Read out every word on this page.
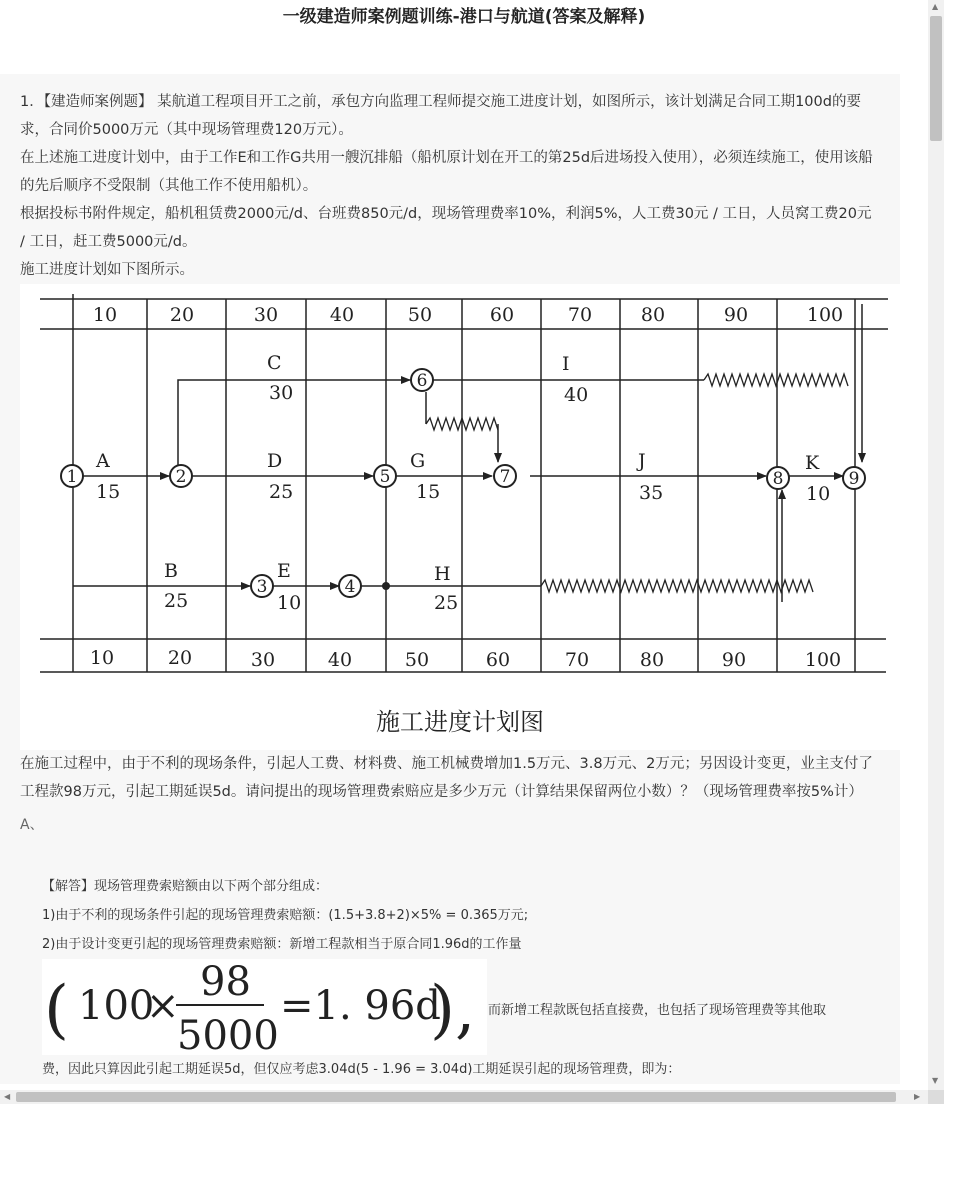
一级建造师案例题训练-港口与航道(答案及解释)

1．【建造师案例题】 某航道工程项目开工之前，承包方向监理工程师提交施工进度计划，如图所示，该计划满足合同工期100d的要求，合同价5000万元（其中现场管理费120万元）。

在上述施工进度计划中，由于工作E和工作G共用一艘沉排船（船机原计划在开工的第25d后进场投入使用），必须连续施工，使用该船的先后顺序不受限制（其他工作不使用船机）。

根据投标书附件规定，船机租赁费2000元/d、台班费850元/d，现场管理费率10%，利润5%，人工费30元 / 工日，人员窝工费20元 / 工日，赶工费5000元/d。

施工进度计划如下图所示。

10	20	30	40	50	60	70	80	90	100
10	20	30	40	50	60	70	80	90	100
1	2
3	4
5
6
7	8	9
A
15
B
25
C
30
D
25
E
10
G
15
H
25
I
40
J
35
K
10
施工进度计划图

在施工过程中，由于不利的现场条件，引起人工费、材料费、施工机械费增加1.5万元、3.8万元、2万元；另因设计变更，业主支付了工程款98万元，引起工期延误5d。请问提出的现场管理费索赔应是多少万元（计算结果保留两位小数）？（现场管理费率按5%计）

A、

【解答】现场管理费索赔额由以下两个部分组成：

1)由于不利的现场条件引起的现场管理费索赔额：(1.5+3.8+2)×5% = 0.365万元;

2)由于设计变更引起的现场管理费索赔额：新增工程款相当于原合同1.96d的工作量

( 100
×
98
5000
=1. 96d
), 而新增工程款既包括直接费，也包括了现场管理费等其他取

费，因此只算因此引起工期延误5d，但仅应考虑3.04d(5 - 1.96 = 3.04d)工期延误引起的现场管理费，即为：

▲
▼
◀	▶
